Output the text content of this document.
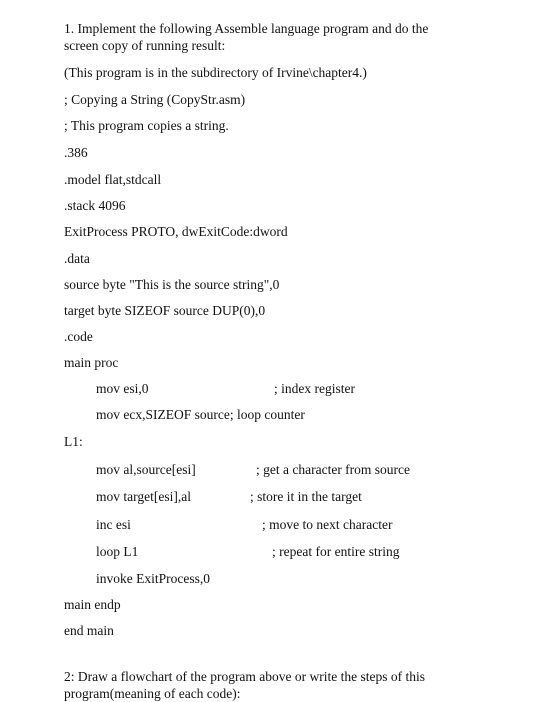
1. Implement the following Assemble language program and do the
screen copy of running result:
(This program is in the subdirectory of Irvine\chapter4.)
; Copying a String (CopyStr.asm)
; This program copies a string.
.386
.model flat,stdcall
.stack 4096
ExitProcess PROTO, dwExitCode:dword
.data
source byte "This is the source string",0
target byte SIZEOF source DUP(0),0
.code
main proc
mov esi,0	; index register
mov ecx,SIZEOF source; loop counter
L1:
mov al,source[esi]	; get a character from source
mov target[esi],al	; store it in the target
inc esi	; move to next character
loop L1	; repeat for entire string
invoke ExitProcess,0
main endp
end main
2: Draw a flowchart of the program above or write the steps of this
program(meaning of each code):
